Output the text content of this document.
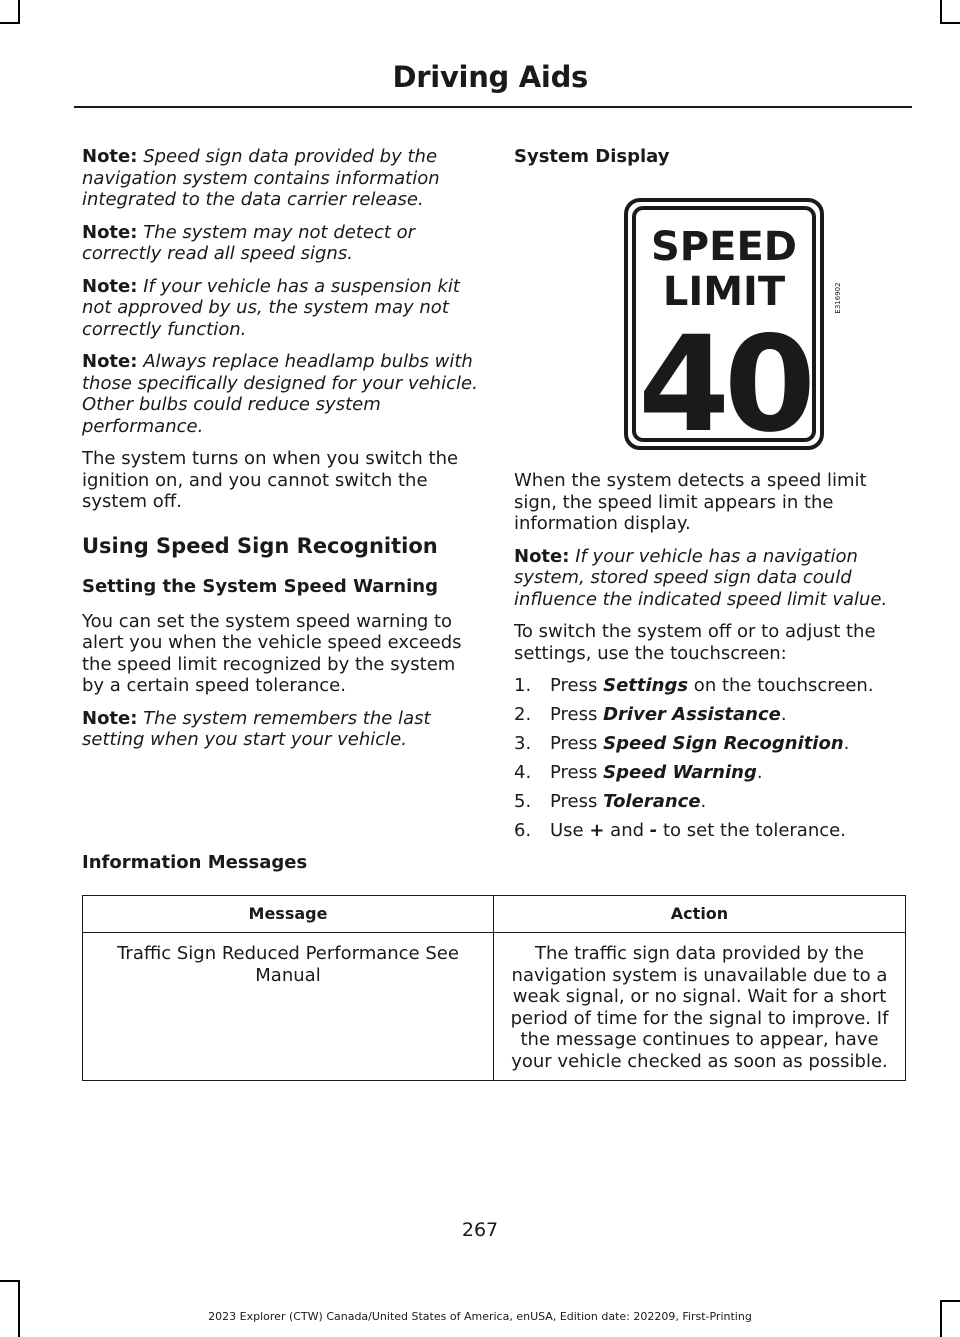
Driving Aids

Note: Speed sign data provided by the navigation system contains information integrated to the data carrier release.

Note: The system may not detect or correctly read all speed signs.

Note: If your vehicle has a suspension kit not approved by us, the system may not correctly function.

Note: Always replace headlamp bulbs with those specifically designed for your vehicle. Other bulbs could reduce system performance.

The system turns on when you switch the ignition on, and you cannot switch the system off.

Using Speed Sign Recognition
Setting the System Speed Warning

You can set the system speed warning to alert you when the vehicle speed exceeds the speed limit recognized by the system by a certain speed tolerance.

Note: The system remembers the last setting when you start your vehicle.

System Display
SPEED
LIMIT
40
E316902

When the system detects a speed limit sign, the speed limit appears in the information display.

Note: If your vehicle has a navigation system, stored speed sign data could influence the indicated speed limit value.

To switch the system off or to adjust the settings, use the touchscreen:

1.	Press Settings on the touchscreen.
2.	Press Driver Assistance.
3.	Press Speed Sign Recognition.
4.	Press Speed Warning.
5.	Press Tolerance.
6.	Use + and - to set the tolerance.
Information Messages
Message	Action
Traffic Sign Reduced Performance See Manual	The traffic sign data provided by the navigation system is unavailable due to a weak signal, or no signal. Wait for a short period of time for the signal to improve. If the message continues to appear, have your vehicle checked as soon as possible.
267
2023 Explorer (CTW) Canada/United States of America, enUSA, Edition date: 202209, First-Printing
